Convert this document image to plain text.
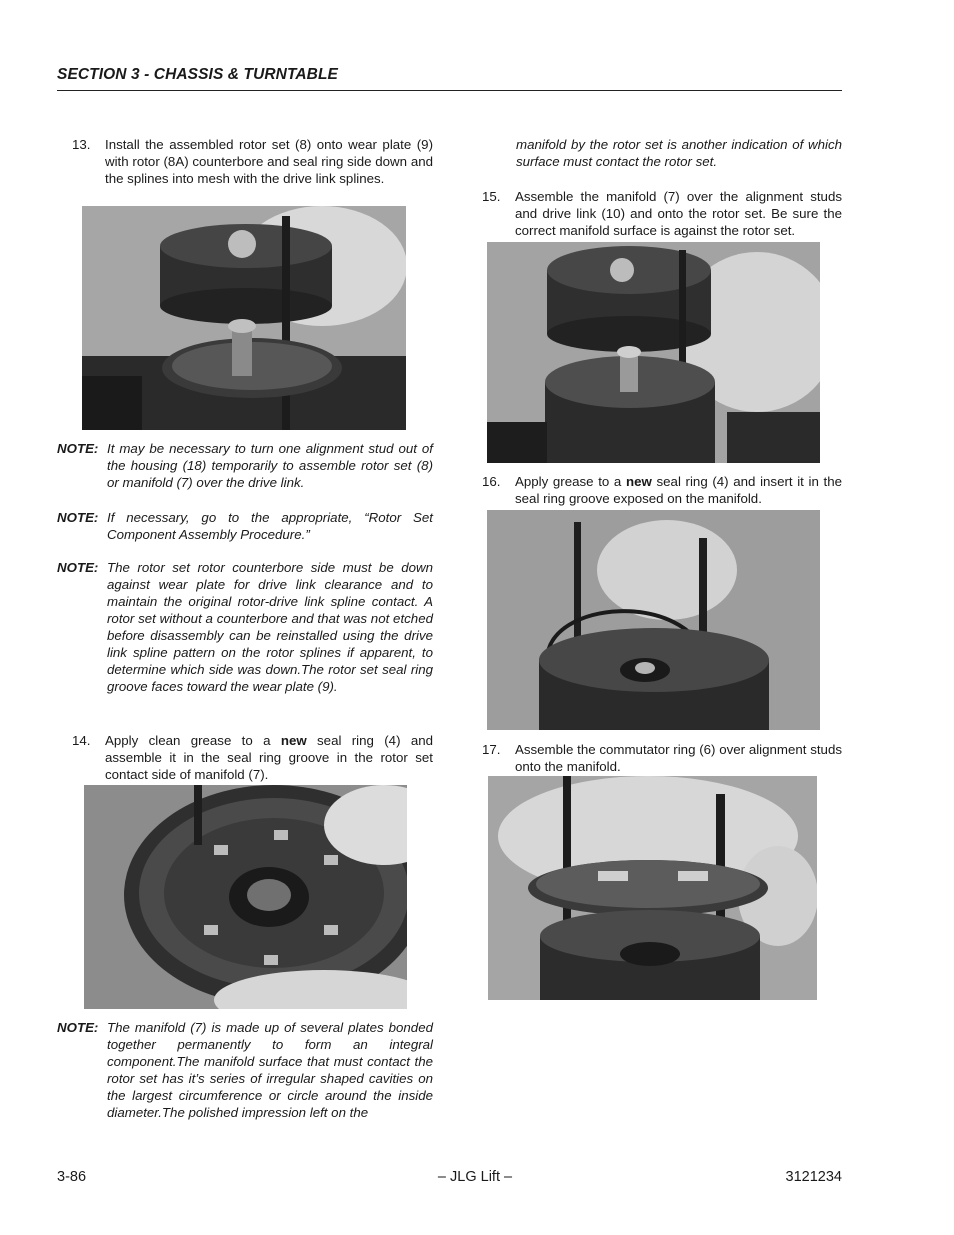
SECTION 3 - CHASSIS & TURNTABLE
13. Install the assembled rotor set (8) onto wear plate (9) with rotor (8A) counterbore and seal ring side down and the splines into mesh with the drive link splines.
NOTE: It may be necessary to turn one alignment stud out of the housing (18) temporarily to assemble rotor set (8) or manifold (7) over the drive link.
NOTE: If necessary, go to the appropriate, “Rotor Set Component Assembly Procedure.”
NOTE: The rotor set rotor counterbore side must be down against wear plate for drive link clearance and to maintain the original rotor-drive link spline contact. A rotor set without a counterbore and that was not etched before disassembly can be reinstalled using the drive link spline pattern on the rotor splines if apparent, to determine which side was down.The rotor set seal ring groove faces toward the wear plate (9).
14. Apply clean grease to a new seal ring (4) and assemble it in the seal ring groove in the rotor set contact side of manifold (7).
NOTE: The manifold (7) is made up of several plates bonded together permanently to form an integral component.The manifold surface that must contact the rotor set has it’s series of irregular shaped cavities on the largest circumference or circle around the inside diameter.The polished impression left on the
manifold by the rotor set is another indication of which surface must contact the rotor set.
15. Assemble the manifold (7) over the alignment studs and drive link (10) and onto the rotor set. Be sure the correct manifold surface is against the rotor set.
16. Apply grease to a new seal ring (4) and insert it in the seal ring groove exposed on the manifold.
17. Assemble the commutator ring (6) over alignment studs onto the manifold.
3-86	– JLG Lift –	3121234
